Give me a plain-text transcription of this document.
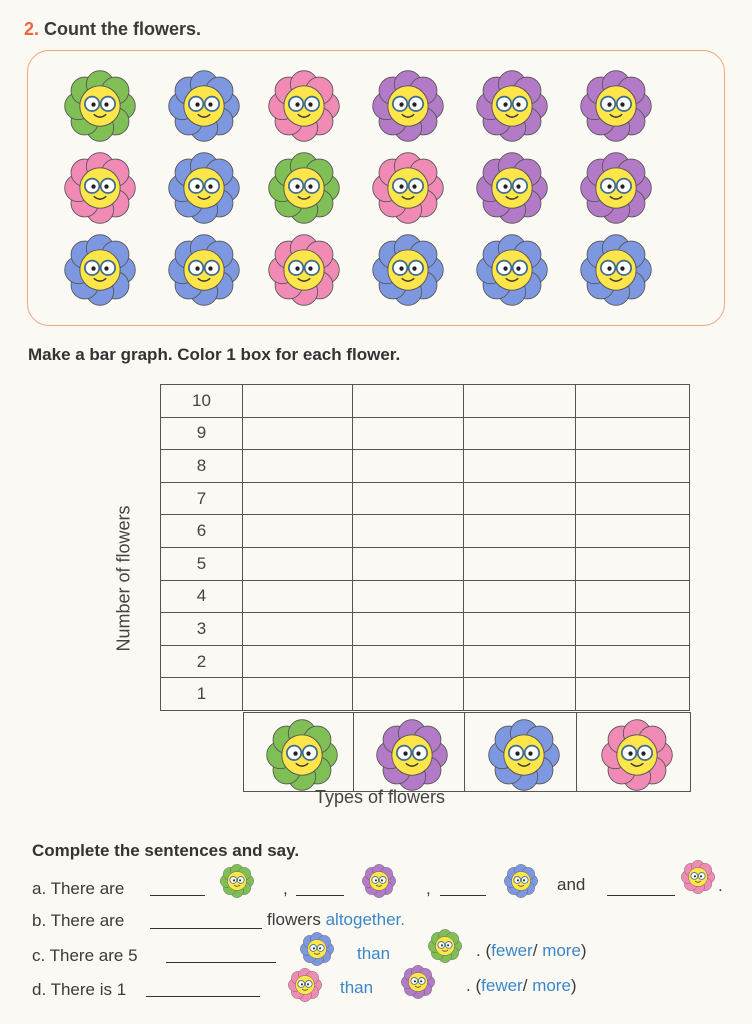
2. Count the flowers.
Make a bar graph. Color 1 box for each flower.
Number of flowers
10				
9				
8				
7				
6				
5				
4				
3				
2				
1				

Types of flowers
Complete the sentences and say.
a. There are	,	,	and	.
b. There are	flowers altogether.
c. There are 5	than	. (fewer/ more)
d. There is 1	than	. (fewer/ more)
